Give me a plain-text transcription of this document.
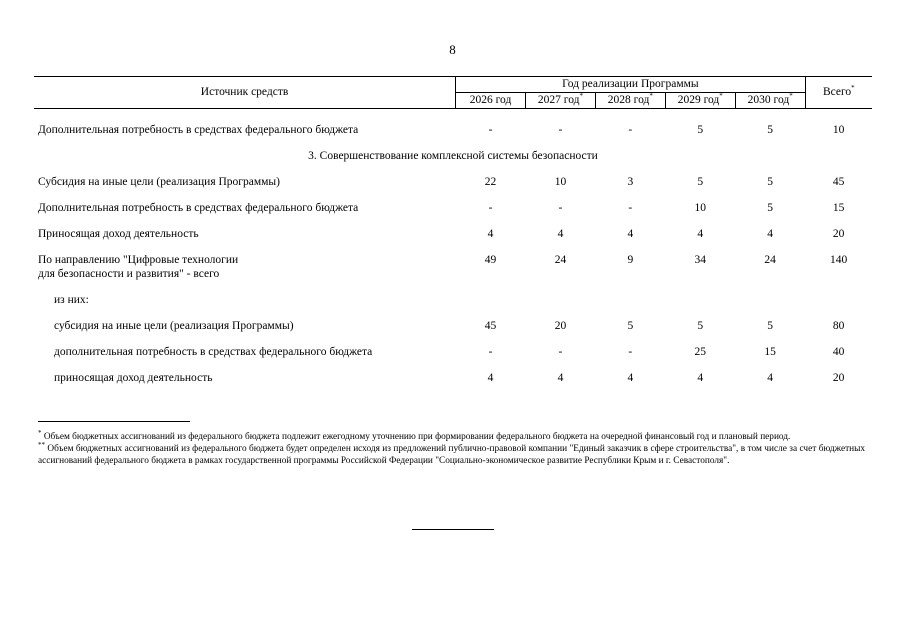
8
Источник средств	Год реализации Программы					Всего*
	2026 год	2027 год*	2028 год*	2029 год*	2030 год*

Дополнительная потребность в средствах федерального бюджета	-	-	-	5	5	10
3. Совершенствование комплексной системы безопасности						
Субсидия на иные цели (реализация Программы)	22	10	3	5	5	45
Дополнительная потребность в средствах федерального бюджета	-	-	-	10	5	15
Приносящая доход деятельность	4	4	4	4	4	20
По направлению "Цифровые технологии
для безопасности и развития" - всего	49	24	9	34	24	140
из них:						
субсидия на иные цели (реализация Программы)	45	20	5	5	5	80
дополнительная потребность в средствах федерального бюджета	-	-	-	25	15	40
приносящая доход деятельность	4	4	4	4	4	20

* Объем бюджетных ассигнований из федерального бюджета подлежит ежегодному уточнению при формировании федерального бюджета на очередной финансовый год и плановый период.

** Объем бюджетных ассигнований из федерального бюджета будет определен исходя из предложений публично-правовой компании "Единый заказчик в сфере строительства", в том числе за счет бюджетных ассигнований федерального бюджета в рамках государственной программы Российской Федерации "Социально-экономическое развитие Республики Крым и г. Севастополя".
